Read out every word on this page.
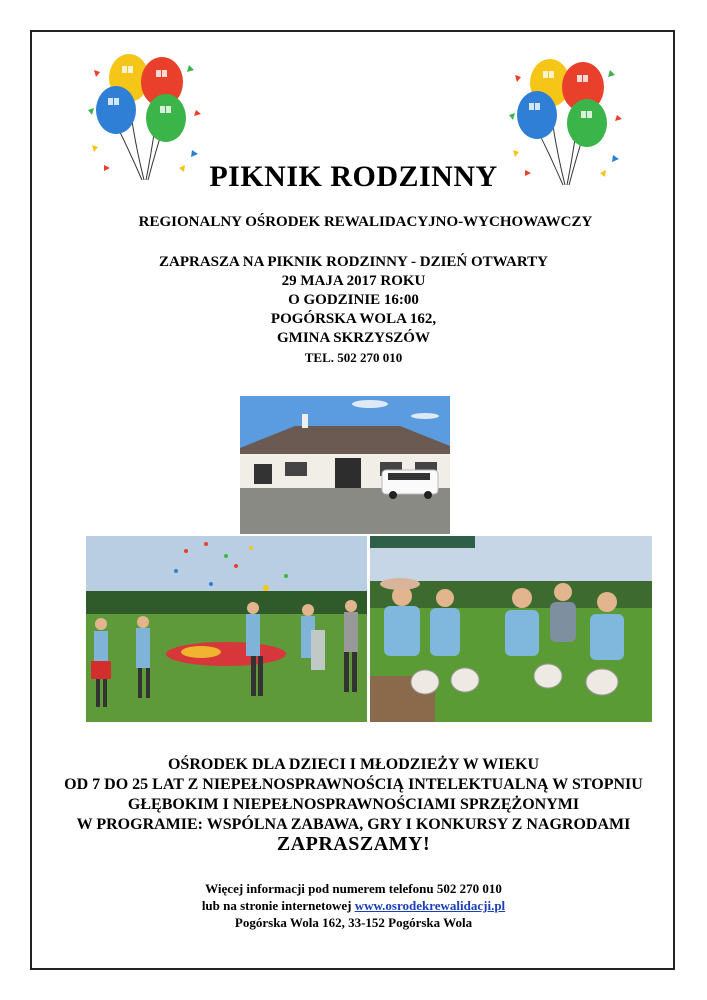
PIKNIK RODZINNY
REGIONALNY OŚRODEK REWALIDACYJNO-WYCHOWAWCZY
ZAPRASZA NA PIKNIK RODZINNY - DZIEŃ OTWARTY
29 MAJA 2017 ROKU
O GODZINIE 16:00
POGÓRSKA WOLA 162,
GMINA SKRZYSZÓW
TEL. 502 270 010
OŚRODEK DLA DZIECI I MŁODZIEŻY W WIEKU
OD 7 DO 25 LAT Z NIEPEŁNOSPRAWNOŚCIĄ INTELEKTUALNĄ W STOPNIU
GŁĘBOKIM I NIEPEŁNOSPRAWNOŚCIAMI SPRZĘŻONYMI
W PROGRAMIE: WSPÓLNA ZABAWA, GRY I KONKURSY Z NAGRODAMI
ZAPRASZAMY!
Więcej informacji pod numerem telefonu 502 270 010
lub na stronie internetowej www.osrodekrewalidacji.pl
Pogórska Wola 162, 33-152 Pogórska Wola
